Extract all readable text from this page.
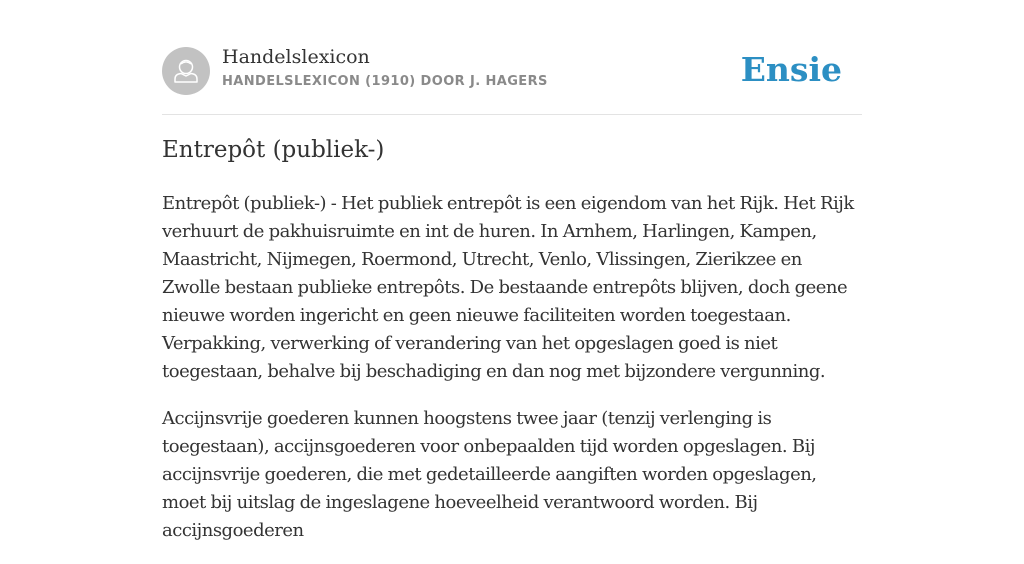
Handelslexicon
HANDELSLEXICON (1910) DOOR J. HAGERS	Ensie
Entrepôt (publiek-)

Entrepôt (publiek-) - Het publiek entrepôt is een eigendom van het Rijk. Het Rijk verhuurt de pakhuisruimte en int de huren. In Arnhem, Harlingen, Kampen, Maastricht, Nijmegen, Roermond, Utrecht, Venlo, Vlissingen, Zierikzee en Zwolle bestaan publieke entrepôts. De bestaande entrepôts blijven, doch geene nieuwe worden ingericht en geen nieuwe faciliteiten worden toegestaan. Verpakking, verwerking of verandering van het opgeslagen goed is niet toegestaan, behalve bij beschadiging en dan nog met bijzondere vergunning.

Accijnsvrije goederen kunnen hoogstens twee jaar (tenzij verlenging is toegestaan), accijnsgoederen voor onbepaalden tijd worden opgeslagen. Bij accijnsvrije goederen, die met gedetailleerde aangiften worden opgeslagen, moet bij uitslag de ingeslagene hoeveelheid verantwoord worden. Bij accijnsgoederen
